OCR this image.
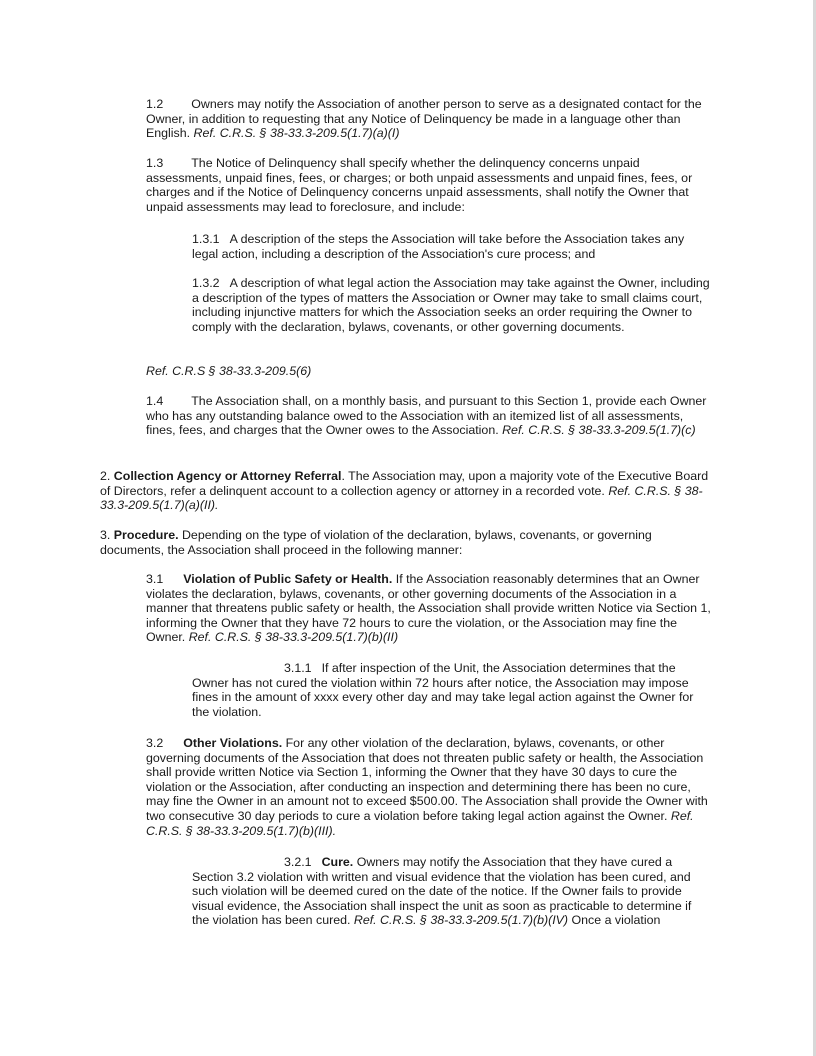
1.2 Owners may notify the Association of another person to serve as a designated contact for the Owner, in addition to requesting that any Notice of Delinquency be made in a language other than English. Ref. C.R.S. § 38-33.3-209.5(1.7)(a)(I)

1.3 The Notice of Delinquency shall specify whether the delinquency concerns unpaid assessments, unpaid fines, fees, or charges; or both unpaid assessments and unpaid fines, fees, or charges and if the Notice of Delinquency concerns unpaid assessments, shall notify the Owner that unpaid assessments may lead to foreclosure, and include:

1.3.1 A description of the steps the Association will take before the Association takes any legal action, including a description of the Association's cure process; and

1.3.2 A description of what legal action the Association may take against the Owner, including a description of the types of matters the Association or Owner may take to small claims court, including injunctive matters for which the Association seeks an order requiring the Owner to comply with the declaration, bylaws, covenants, or other governing documents.

Ref. C.R.S § 38-33.3-209.5(6)

1.4 The Association shall, on a monthly basis, and pursuant to this Section 1, provide each Owner who has any outstanding balance owed to the Association with an itemized list of all assessments, fines, fees, and charges that the Owner owes to the Association. Ref. C.R.S. § 38-33.3-209.5(1.7)(c)

2. Collection Agency or Attorney Referral. The Association may, upon a majority vote of the Executive Board of Directors, refer a delinquent account to a collection agency or attorney in a recorded vote. Ref. C.R.S. § 38-33.3-209.5(1.7)(a)(II).

3. Procedure. Depending on the type of violation of the declaration, bylaws, covenants, or governing documents, the Association shall proceed in the following manner:

3.1 Violation of Public Safety or Health. If the Association reasonably determines that an Owner violates the declaration, bylaws, covenants, or other governing documents of the Association in a manner that threatens public safety or health, the Association shall provide written Notice via Section 1, informing the Owner that they have 72 hours to cure the violation, or the Association may fine the Owner. Ref. C.R.S. § 38-33.3-209.5(1.7)(b)(II)

3.1.1 If after inspection of the Unit, the Association determines that the Owner has not cured the violation within 72 hours after notice, the Association may impose fines in the amount of xxxx every other day and may take legal action against the Owner for the violation.

3.2 Other Violations. For any other violation of the declaration, bylaws, covenants, or other governing documents of the Association that does not threaten public safety or health, the Association shall provide written Notice via Section 1, informing the Owner that they have 30 days to cure the violation or the Association, after conducting an inspection and determining there has been no cure, may fine the Owner in an amount not to exceed $500.00. The Association shall provide the Owner with two consecutive 30 day periods to cure a violation before taking legal action against the Owner. Ref. C.R.S. § 38-33.3-209.5(1.7)(b)(III).

3.2.1 Cure. Owners may notify the Association that they have cured a Section 3.2 violation with written and visual evidence that the violation has been cured, and such violation will be deemed cured on the date of the notice. If the Owner fails to provide visual evidence, the Association shall inspect the unit as soon as practicable to determine if the violation has been cured. Ref. C.R.S. § 38-33.3-209.5(1.7)(b)(IV) Once a violation
